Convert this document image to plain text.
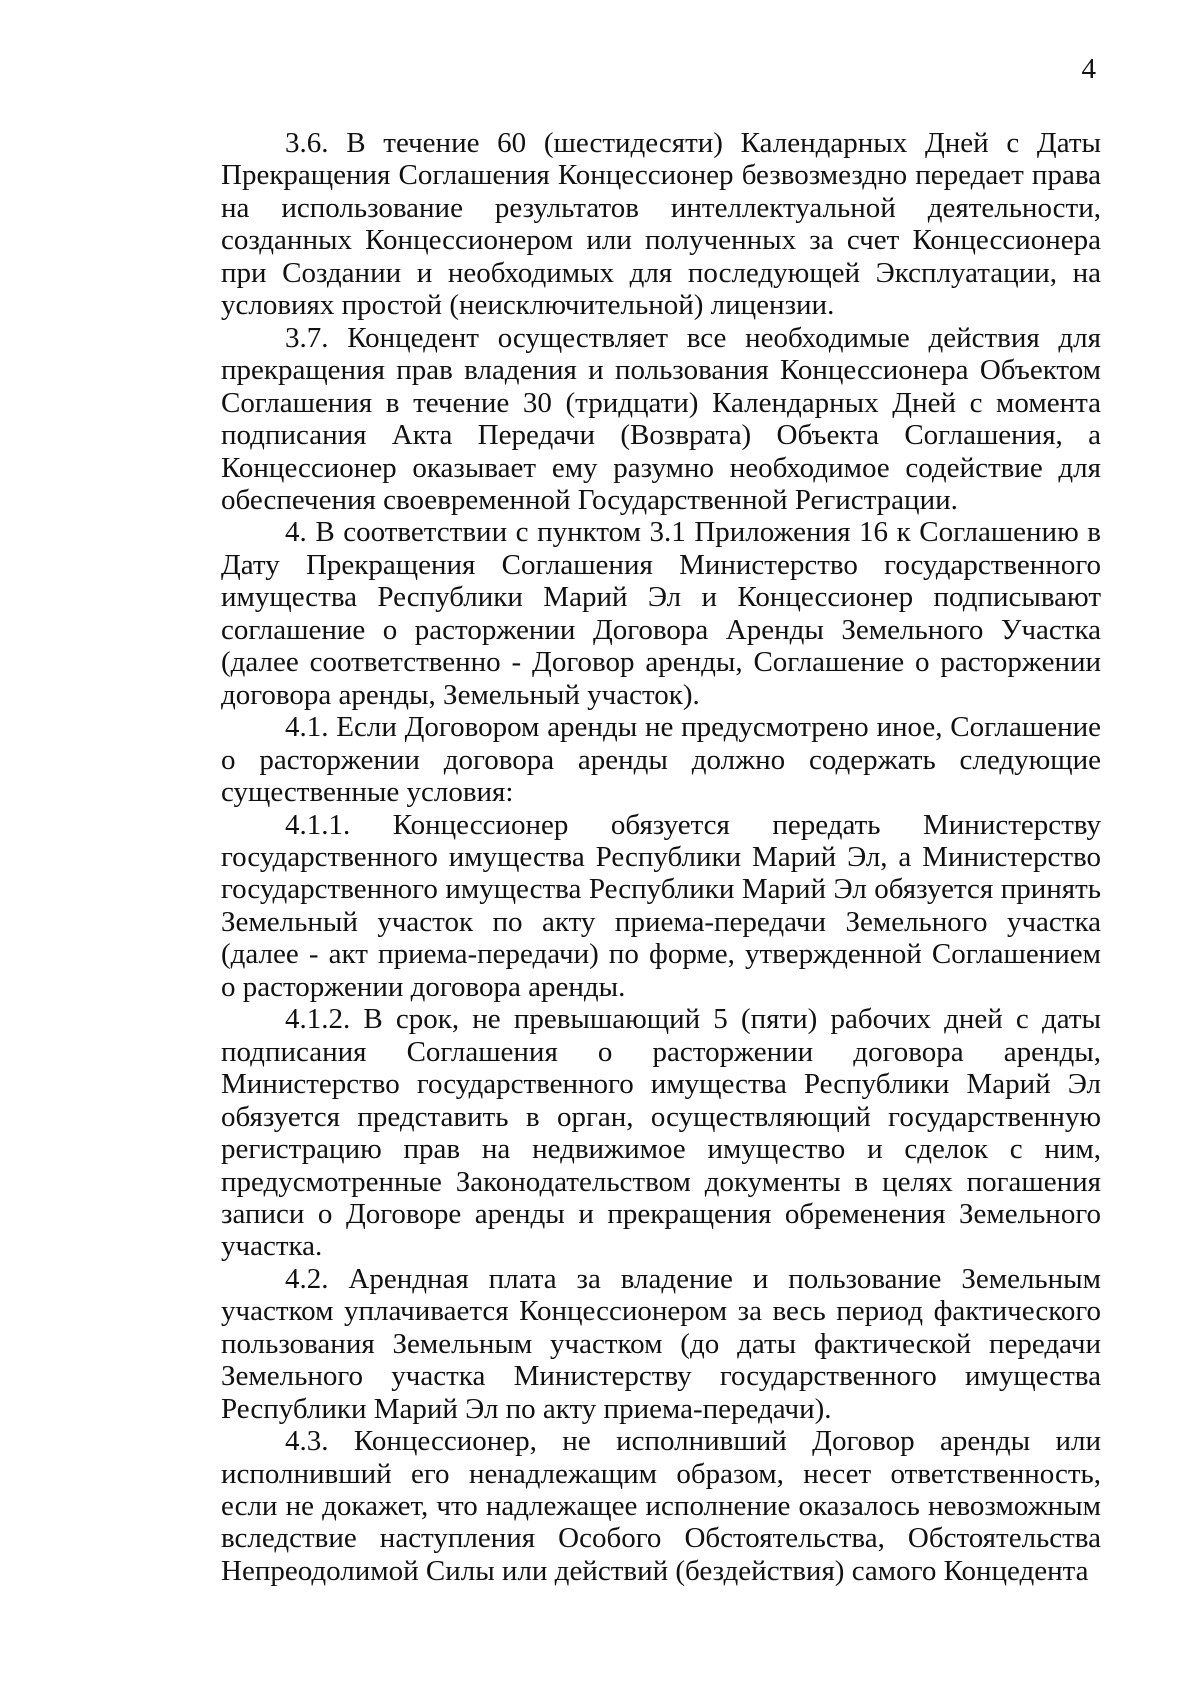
4

3.6. В течение 60 (шестидесяти) Календарных Дней с Даты Прекращения Соглашения Концессионер безвозмездно передает права на использование результатов интеллектуальной деятельности, созданных Концессионером или полученных за счет Концессионера при Создании и необходимых для последующей Эксплуатации, на условиях простой (неисключительной) лицензии.

3.7. Концедент осуществляет все необходимые действия для прекращения прав владения и пользования Концессионера Объектом Соглашения в течение 30 (тридцати) Календарных Дней с момента подписания Акта Передачи (Возврата) Объекта Соглашения, а Концессионер оказывает ему разумно необходимое содействие для обеспечения своевременной Государственной Регистрации.

4. В соответствии с пунктом 3.1 Приложения 16 к Соглашению в Дату Прекращения Соглашения Министерство государственного имущества Республики Марий Эл и Концессионер подписывают соглашение о расторжении Договора Аренды Земельного Участка (далее соответственно - Договор аренды, Соглашение о расторжении договора аренды, Земельный участок).

4.1. Если Договором аренды не предусмотрено иное, Соглашение о расторжении договора аренды должно содержать следующие существенные условия:

4.1.1. Концессионер обязуется передать Министерству государственного имущества Республики Марий Эл, а Министерство государственного имущества Республики Марий Эл обязуется принять Земельный участок по акту приема-передачи Земельного участка (далее - акт приема-передачи) по форме, утвержденной Соглашением о расторжении договора аренды.

4.1.2. В срок, не превышающий 5 (пяти) рабочих дней с даты подписания Соглашения о расторжении договора аренды, Министерство государственного имущества Республики Марий Эл обязуется представить в орган, осуществляющий государственную регистрацию прав на недвижимое имущество и сделок с ним, предусмотренные Законодательством документы в целях погашения записи о Договоре аренды и прекращения обременения Земельного участка.

4.2. Арендная плата за владение и пользование Земельным участком уплачивается Концессионером за весь период фактического пользования Земельным участком (до даты фактической передачи Земельного участка Министерству государственного имущества Республики Марий Эл по акту приема-передачи).

4.3. Концессионер, не исполнивший Договор аренды или исполнивший его ненадлежащим образом, несет ответственность, если не докажет, что надлежащее исполнение оказалось невозможным вследствие наступления Особого Обстоятельства, Обстоятельства Непреодолимой Силы или действий (бездействия) самого Концедента
